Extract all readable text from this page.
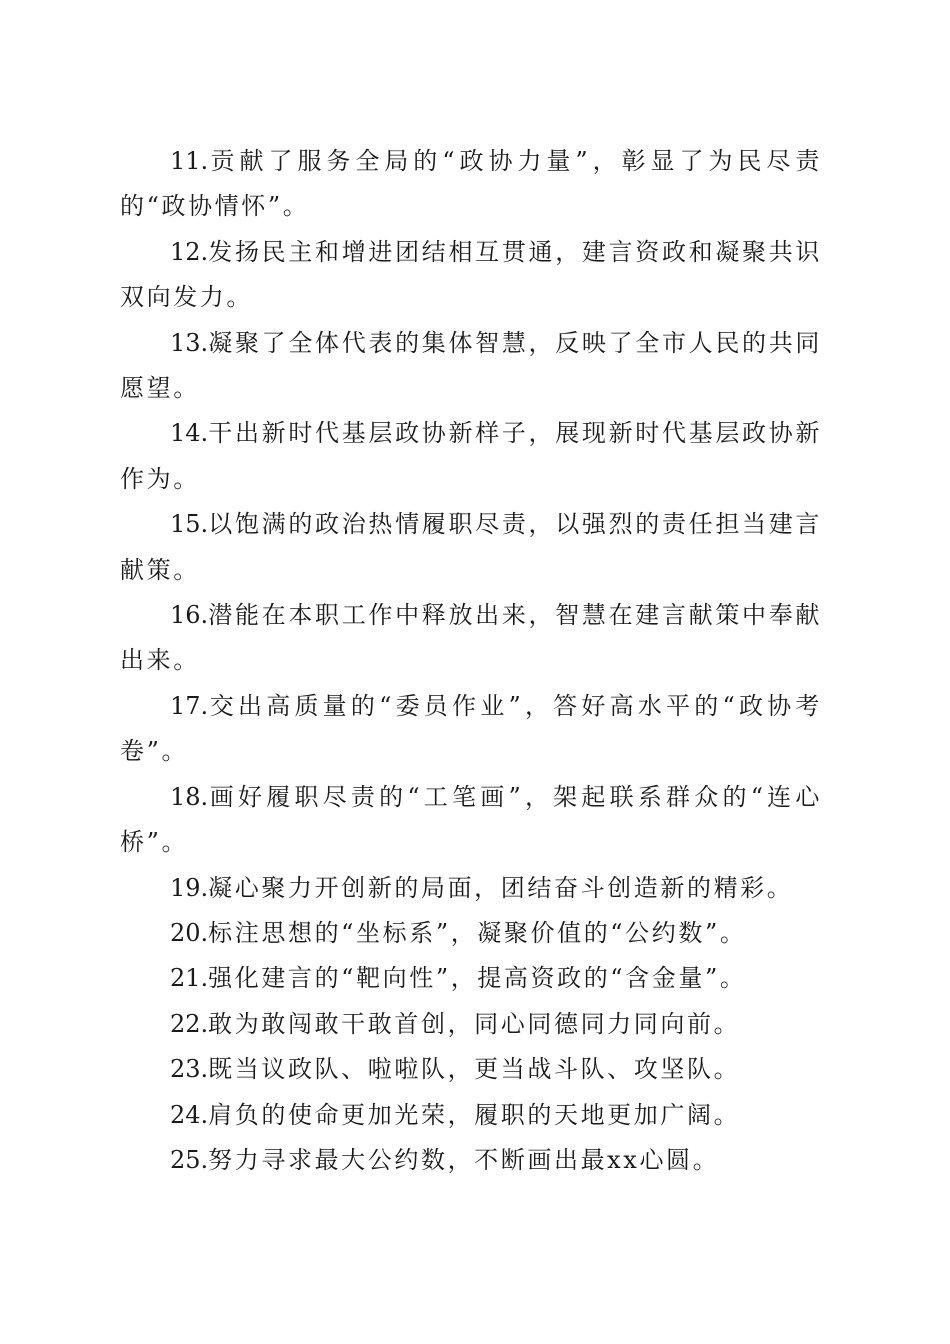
11.贡献了服务全局的“政协力量”，彰显了为民尽责的“政协情怀”。

12.发扬民主和增进团结相互贯通，建言资政和凝聚共识双向发力。

13.凝聚了全体代表的集体智慧，反映了全市人民的共同愿望。

14.干出新时代基层政协新样子，展现新时代基层政协新作为。

15.以饱满的政治热情履职尽责，以强烈的责任担当建言献策。

16.潜能在本职工作中释放出来，智慧在建言献策中奉献出来。

17.交出高质量的“委员作业”，答好高水平的“政协考卷”。

18.画好履职尽责的“工笔画”，架起联系群众的“连心桥”。

19.凝心聚力开创新的局面，团结奋斗创造新的精彩。

20.标注思想的“坐标系”，凝聚价值的“公约数”。

21.强化建言的“靶向性”，提高资政的“含金量”。

22.敢为敢闯敢干敢首创，同心同德同力同向前。

23.既当议政队、啦啦队，更当战斗队、攻坚队。

24.肩负的使命更加光荣，履职的天地更加广阔。

25.努力寻求最大公约数，不断画出最xx心圆。
